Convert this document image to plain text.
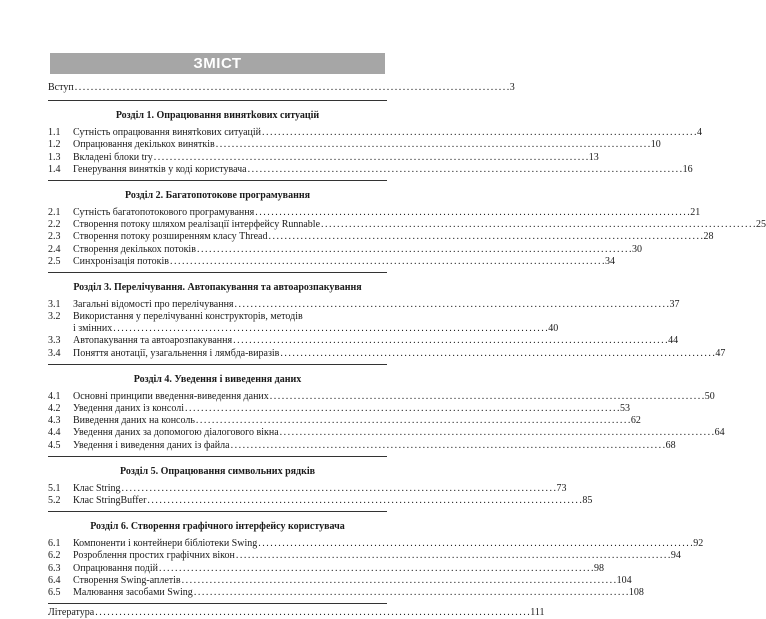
ЗМІСТ
Вступ . . .	3
Розділ 1. Опрацювання винятkових ситуацій
1.1	Сутність опрацювання винятkових ситуацій . . .	4
1.2	Опрацювання декількох винятків . . .	10
1.3	Вкладені блоки try . . .	13
1.4	Генерування винятків у коді користувача . . .	16
Розділ 2. Багатопотокове програмування
2.1	Сутність багатопотокового програмування . . .	21
2.2	Створення потоку шляхом реалізації інтерфейсу Runnable . . .	25
2.3	Створення потоку розширенням класу Thread . . .	28
2.4	Створення декількох потоків . . .	30
2.5	Синхронізація потоків . . .	34
Розділ 3. Перелічування. Автопакування та автоарозпакування
3.1	Загальні відомості про перелічування . . .	37
3.2	Використання у перелічуванні конструкторів, методів
і змінних . . .	40
3.3	Автопакування та автоарозпакування . . .	44
3.4	Поняття анотації, узагальнення і лямбда-виразів . . .	47
Розділ 4. Уведення і виведення даних
4.1	Основні принципи введення-виведення даних . . .	50
4.2	Уведення даних із консолі . . .	53
4.3	Виведення даних на консоль . . .	62
4.4	Уведення даних за допомогою діалогового вікна . . .	64
4.5	Уведення і виведення даних із файла . . .	68
Розділ 5. Опрацювання символьних рядків
5.1	Клас String . . .	73
5.2	Клас StringBuffer . . .	85
Розділ 6. Створення графічного інтерфейсу користувача
6.1	Компоненти і контейнери бібліотеки Swing . . .	92
6.2	Розроблення простих графічних вікон . . .	94
6.3	Опрацювання подій . . .	98
6.4	Створення Swing-аплетів . . .	104
6.5	Малювання засобами Swing . . .	108
Література . . .	111
